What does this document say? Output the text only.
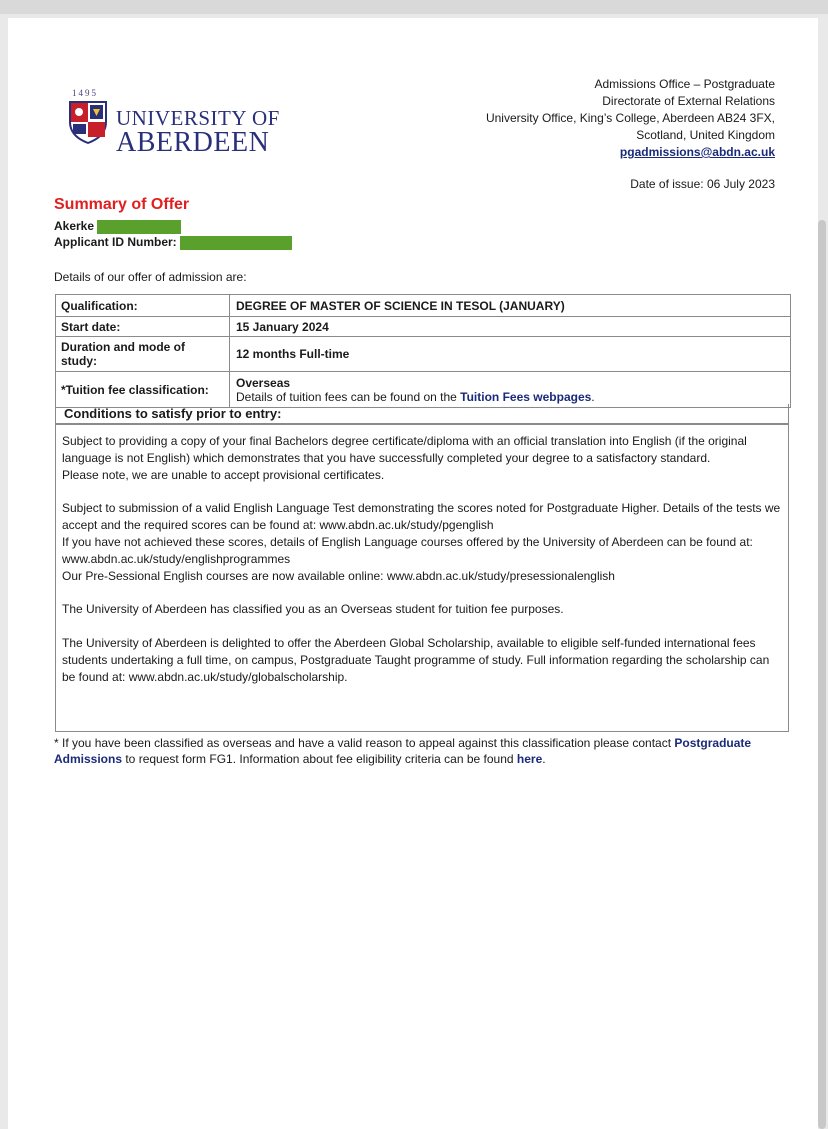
1495
UNIVERSITY OF
ABERDEEN
Admissions Office – Postgraduate
Directorate of External Relations
University Office, King’s College, Aberdeen AB24 3FX,
Scotland, United Kingdom
pgadmissions@abdn.ac.uk
Date of issue: 06 July 2023
Summary of Offer
Akerke
Applicant ID Number:
Details of our offer of admission are:
Qualification:	DEGREE OF MASTER OF SCIENCE IN TESOL (JANUARY)
Start date:	15 January 2024
Duration and mode of study:	12 months Full-time
*Tuition fee classification:	Overseas
Details of tuition fees can be found on the Tuition Fees webpages.
Conditions to satisfy prior to entry:

Subject to providing a copy of your final Bachelors degree certificate/diploma with an official translation into English (if the original language is not English) which demonstrates that you have successfully completed your degree to a satisfactory standard.
Please note, we are unable to accept provisional certificates.

Subject to submission of a valid English Language Test demonstrating the scores noted for Postgraduate Higher. Details of the tests we accept and the required scores can be found at: www.abdn.ac.uk/study/pgenglish
If you have not achieved these scores, details of English Language courses offered by the University of Aberdeen can be found at: www.abdn.ac.uk/study/englishprogrammes
Our Pre-Sessional English courses are now available online: www.abdn.ac.uk/study/presessionalenglish

The University of Aberdeen has classified you as an Overseas student for tuition fee purposes.

The University of Aberdeen is delighted to offer the Aberdeen Global Scholarship, available to eligible self-funded international fees students undertaking a full time, on campus, Postgraduate Taught programme of study. Full information regarding the scholarship can be found at: www.abdn.ac.uk/study/globalscholarship.

* If you have been classified as overseas and have a valid reason to appeal against this classification please contact Postgraduate Admissions to request form FG1. Information about fee eligibility criteria can be found here.
